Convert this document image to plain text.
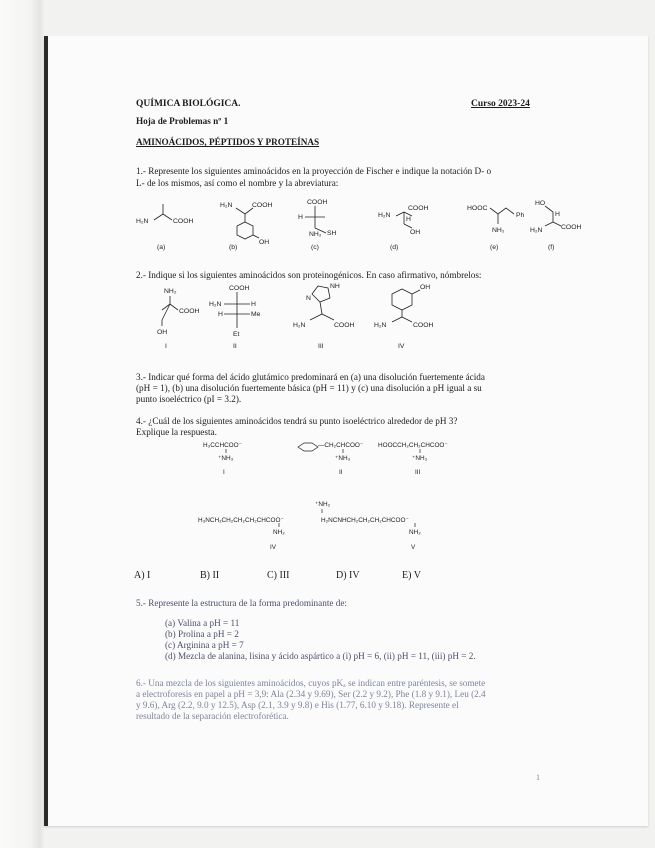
QUÍMICA BIOLÓGICA.	Curso 2023-24
Hoja de Problemas nº 1
AMINOÁCIDOS, PÉPTIDOS Y PROTEÍNAS
1.- Represente los siguientes aminoácidos en la proyección de Fischer e indique la notación D- o
L- de los mismos, así como el nombre y la abreviatura:
H₂N	COOH
(a)
H₂N	COOH
OH
(b)
COOH
H
NH₂ SH
(c)
H₂N
COOH
H
OH
(d)
HOOC
Ph
NH₂
(e)
HO
H
H₂N	COOH
(f)
2.- Indique si los siguientes aminoácidos son proteinogénicos. En caso afirmativo, nómbrelos:
NH₂
COOH
OH
I
COOH
H₂N	H
H	Me
Et
II
NH
N
H₂N	COOH
III
OH
H₂N	COOH
IV
3.- Indicar qué forma del ácido glutámico predominará en (a) una disolución fuertemente ácida
(pH = 1), (b) una disolución fuertemente básica (pH = 11) y (c) una disolución a pH igual a su
punto isoeléctrico (pI = 3.2).
4.- ¿Cuál de los siguientes aminoácidos tendrá su punto isoeléctrico alrededor de pH 3?
Explique la respuesta.
H₃CCHCOO⁻
⁺NH₃
I
—CH₂CHCOO⁻
⁺NH₃
II
HOOCCH₂CH₂CHCOO⁻
⁺NH₃
III
H₃NCH₂CH₂CH₂CH₂CHCOO⁻
NH₂
IV
⁺NH₂
H₂NCNHCH₂CH₂CH₂CHCOO⁻
NH₂
V
A) I	B) II	C) III	D) IV	E) V
5.- Represente la estructura de la forma predominante de:
(a) Valina a pH = 11
(b) Prolina a pH = 2
(c) Arginina a pH = 7
(d) Mezcla de alanina, lisina y ácido aspártico a (i) pH = 6, (ii) pH = 11, (iii) pH = 2.
6.- Una mezcla de los siguientes aminoácidos, cuyos pKₐ se indican entre paréntesis, se somete
a electroforesis en papel a pH = 3,9: Ala (2.34 y 9.69), Ser (2.2 y 9.2), Phe (1.8 y 9.1), Leu (2.4
y 9.6), Arg (2.2, 9.0 y 12.5), Asp (2.1, 3.9 y 9.8) e His (1.77, 6.10 y 9.18). Represente el
resultado de la separación electroforética.
1
